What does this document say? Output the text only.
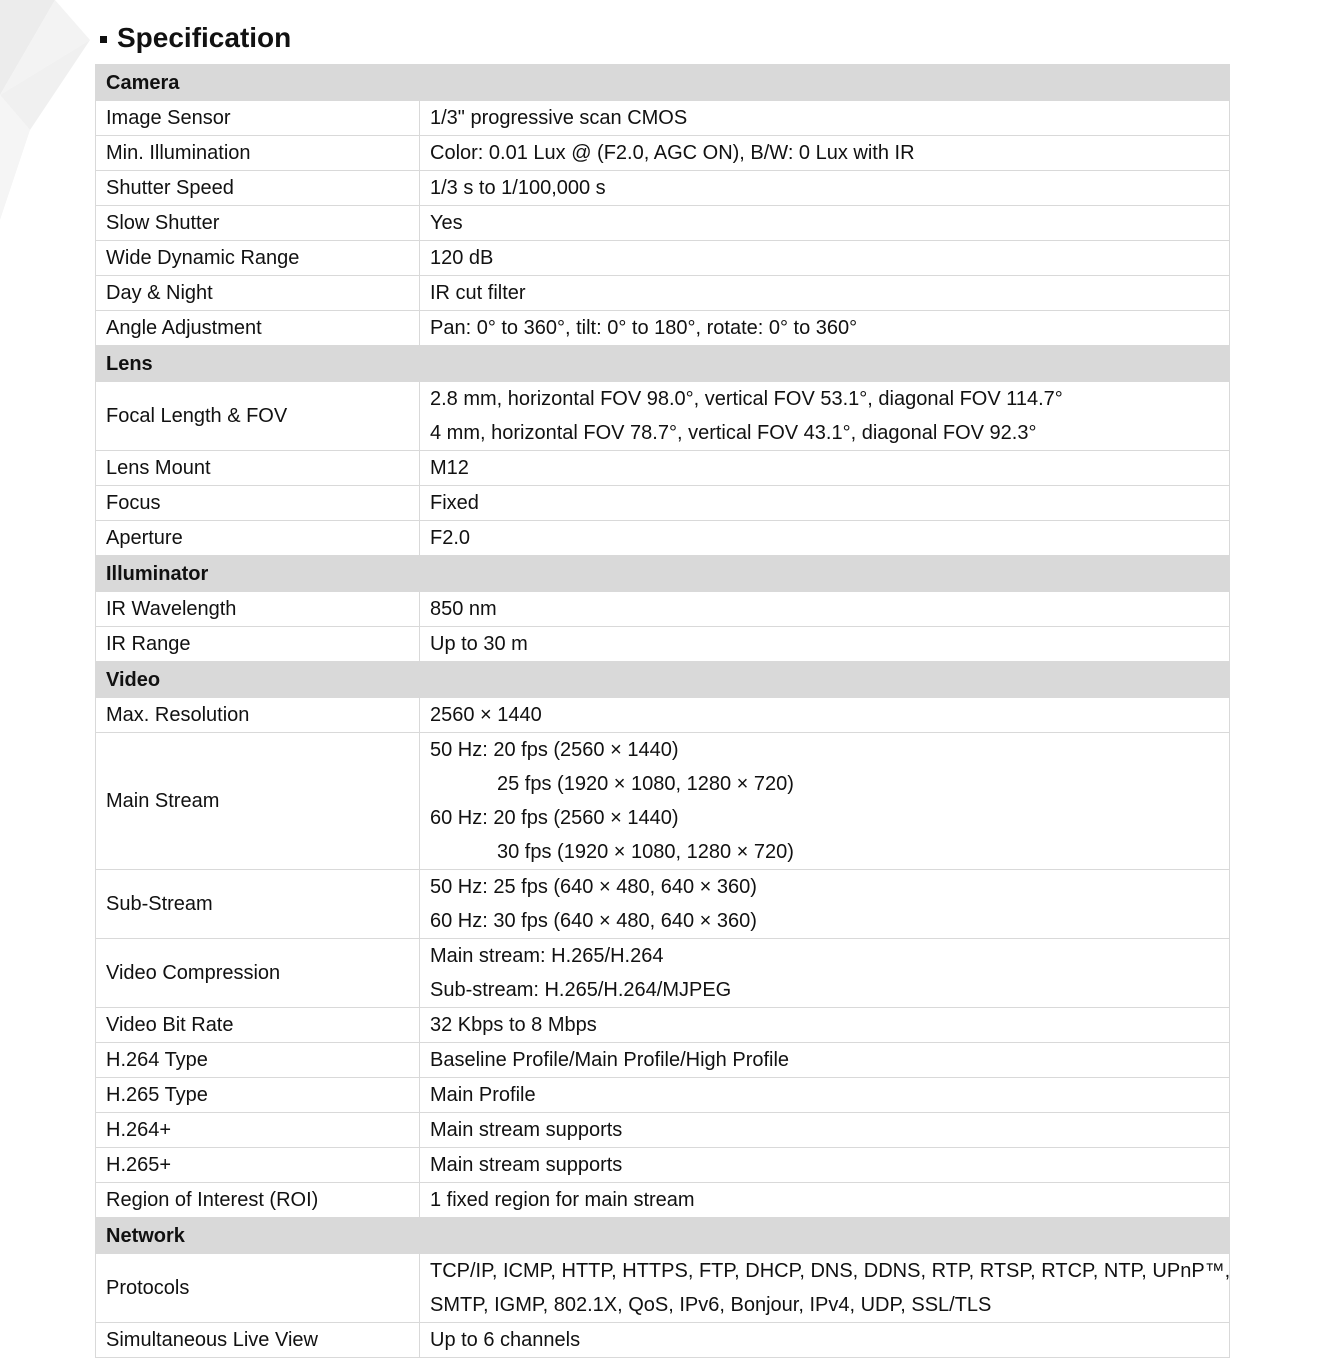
Specification
Camera	
Image Sensor	1/3" progressive scan CMOS

Min. Illumination	Color: 0.01 Lux @ (F2.0, AGC ON), B/W: 0 Lux with IR

Shutter Speed	1/3 s to 1/100,000 s

Slow Shutter	Yes

Wide Dynamic Range	120 dB

Day & Night	IR cut filter

Angle Adjustment	Pan: 0° to 360°, tilt: 0° to 180°, rotate: 0° to 360°

Lens	
Focal Length & FOV	2.8 mm, horizontal FOV 98.0°, vertical FOV 53.1°, diagonal FOV 114.7°
4 mm, horizontal FOV 78.7°, vertical FOV 43.1°, diagonal FOV 92.3°

Lens Mount	M12

Focus	Fixed

Aperture	F2.0

Illuminator	
IR Wavelength	850 nm

IR Range	Up to 30 m

Video	
Max. Resolution	2560 × 1440

Main Stream	50 Hz: 20 fps (2560 × 1440)
25 fps (1920 × 1080, 1280 × 720)
60 Hz: 20 fps (2560 × 1440)
30 fps (1920 × 1080, 1280 × 720)

Sub-Stream	50 Hz: 25 fps (640 × 480, 640 × 360)
60 Hz: 30 fps (640 × 480, 640 × 360)

Video Compression	Main stream: H.265/H.264
Sub-stream: H.265/H.264/MJPEG

Video Bit Rate	32 Kbps to 8 Mbps

H.264 Type	Baseline Profile/Main Profile/High Profile

H.265 Type	Main Profile

H.264+	Main stream supports

H.265+	Main stream supports

Region of Interest (ROI)	1 fixed region for main stream

Network	
Protocols	TCP/IP, ICMP, HTTP, HTTPS, FTP, DHCP, DNS, DDNS, RTP, RTSP, RTCP, NTP, UPnP™,
SMTP, IGMP, 802.1X, QoS, IPv6, Bonjour, IPv4, UDP, SSL/TLS

Simultaneous Live View	Up to 6 channels
